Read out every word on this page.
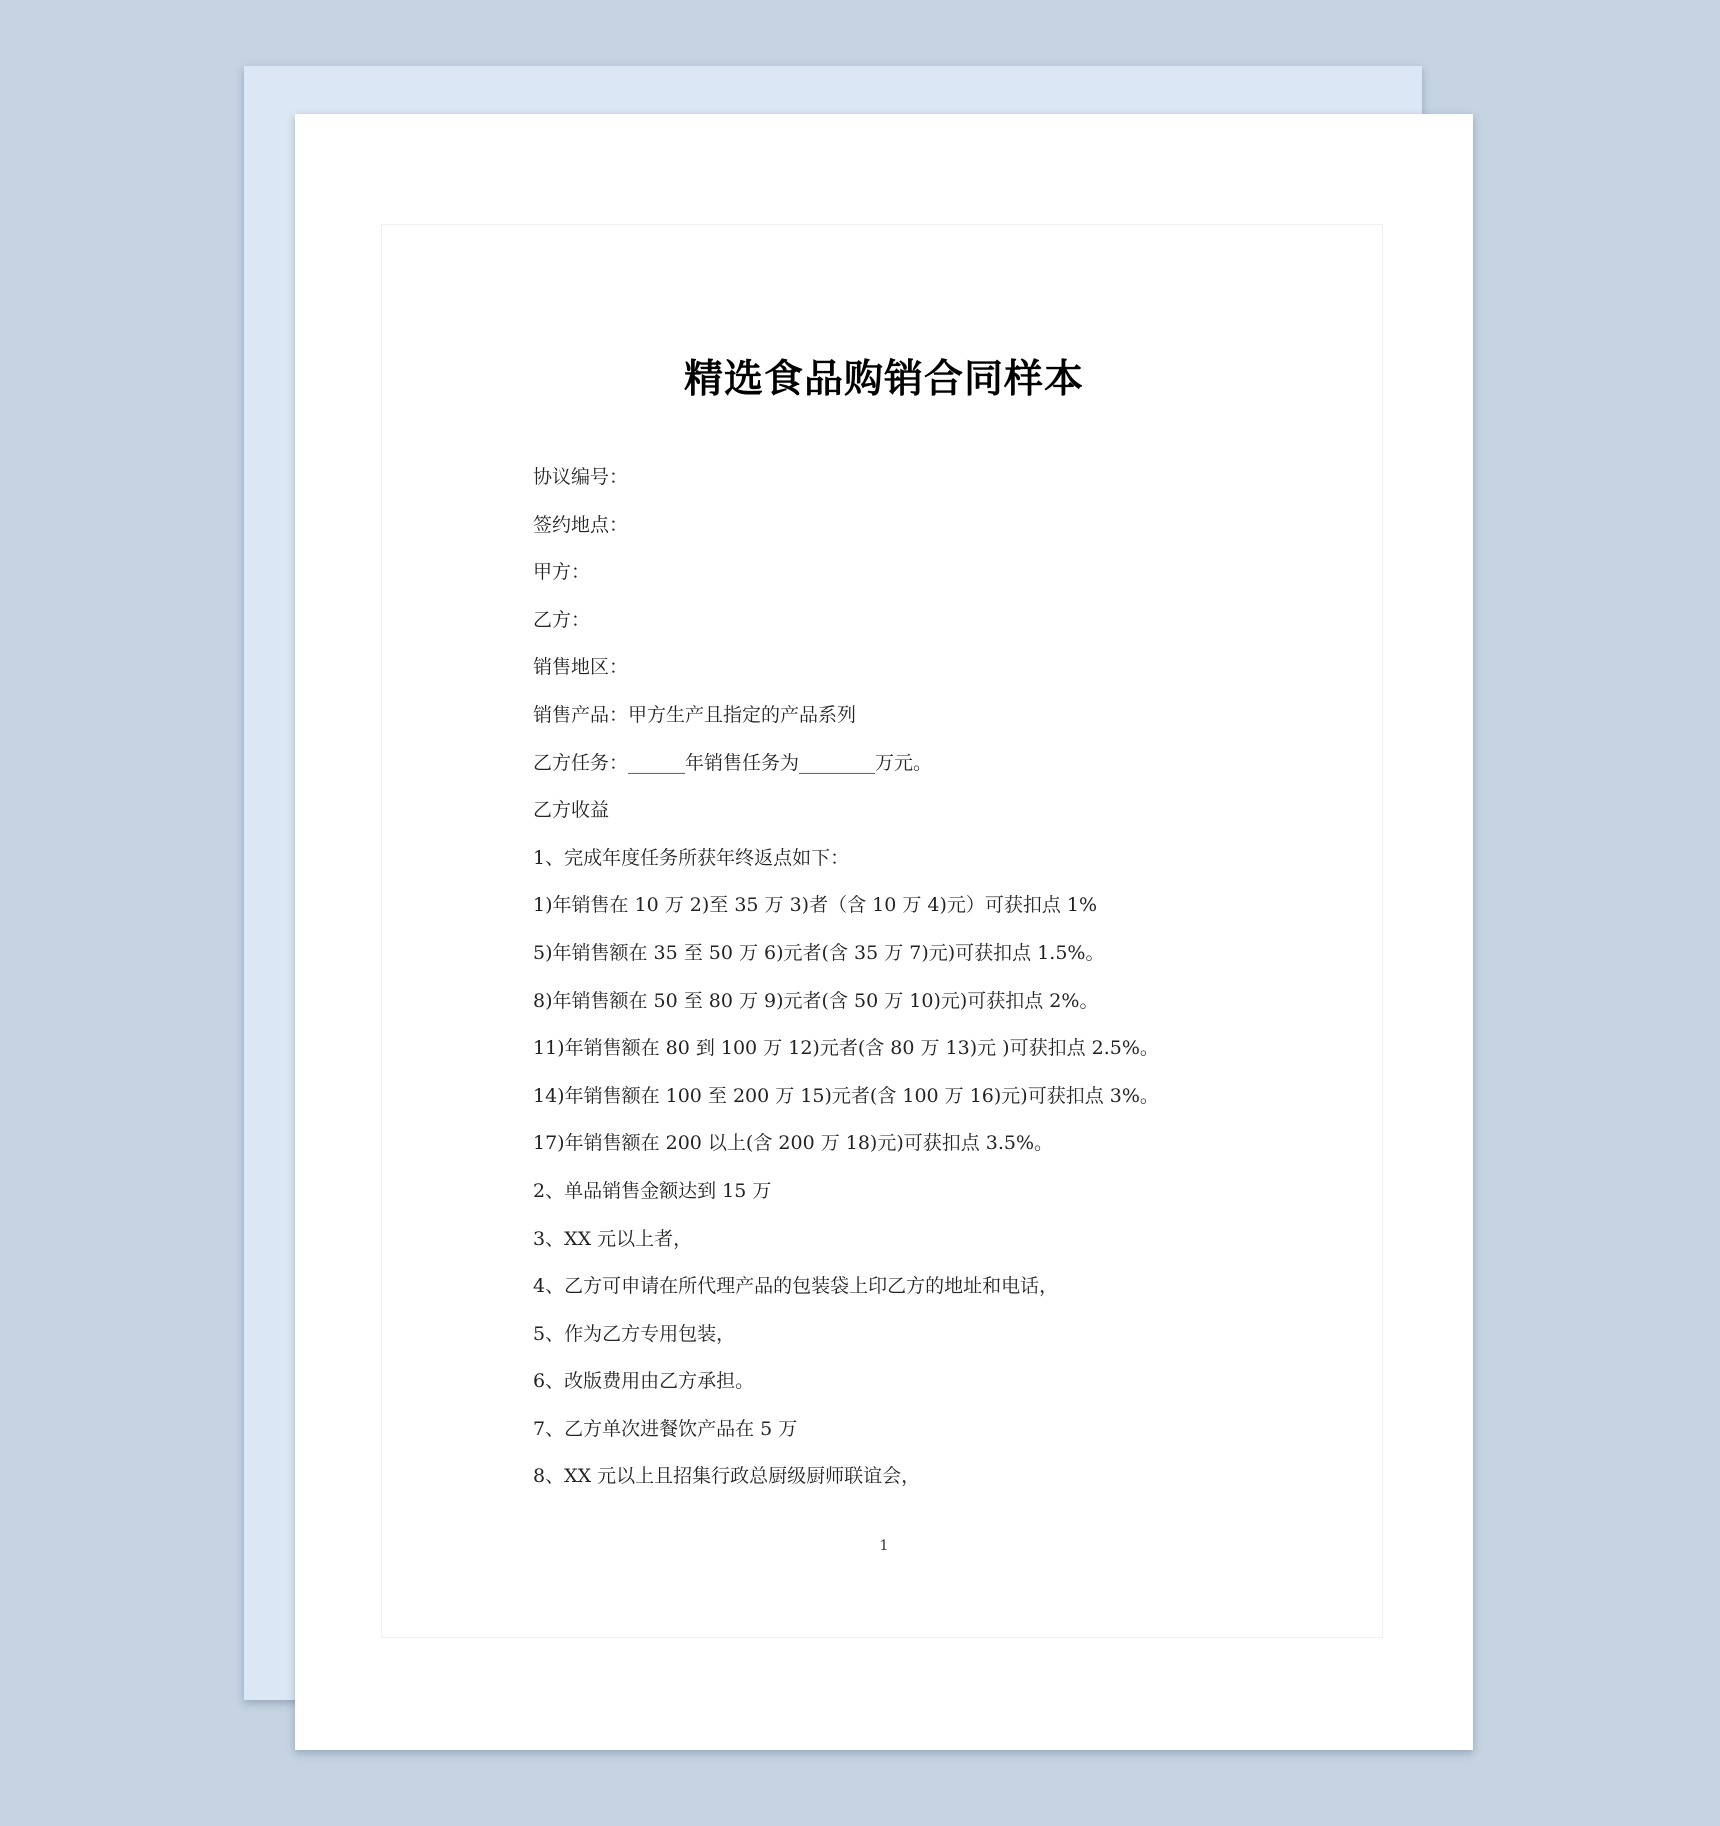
精选食品购销合同样本
协议编号：
签约地点：
甲方：
乙方：
销售地区：
销售产品：甲方生产且指定的产品系列
乙方任务：______年销售任务为________万元。
乙方收益
1、完成年度任务所获年终返点如下：
1)年销售在 10 万 2)至 35 万 3)者（含 10 万 4)元）可获扣点 1%
5)年销售额在 35 至 50 万 6)元者(含 35 万 7)元)可获扣点 1.5%。
8)年销售额在 50 至 80 万 9)元者(含 50 万 10)元)可获扣点 2%。
11)年销售额在 80 到 100 万 12)元者(含 80 万 13)元 )可获扣点 2.5%。
14)年销售额在 100 至 200 万 15)元者(含 100 万 16)元)可获扣点 3%。
17)年销售额在 200 以上(含 200 万 18)元)可获扣点 3.5%。
2、单品销售金额达到 15 万
3、XX 元以上者，
4、乙方可申请在所代理产品的包装袋上印乙方的地址和电话，
5、作为乙方专用包装，
6、改版费用由乙方承担。
7、乙方单次进餐饮产品在 5 万
8、XX 元以上且招集行政总厨级厨师联谊会，
1
